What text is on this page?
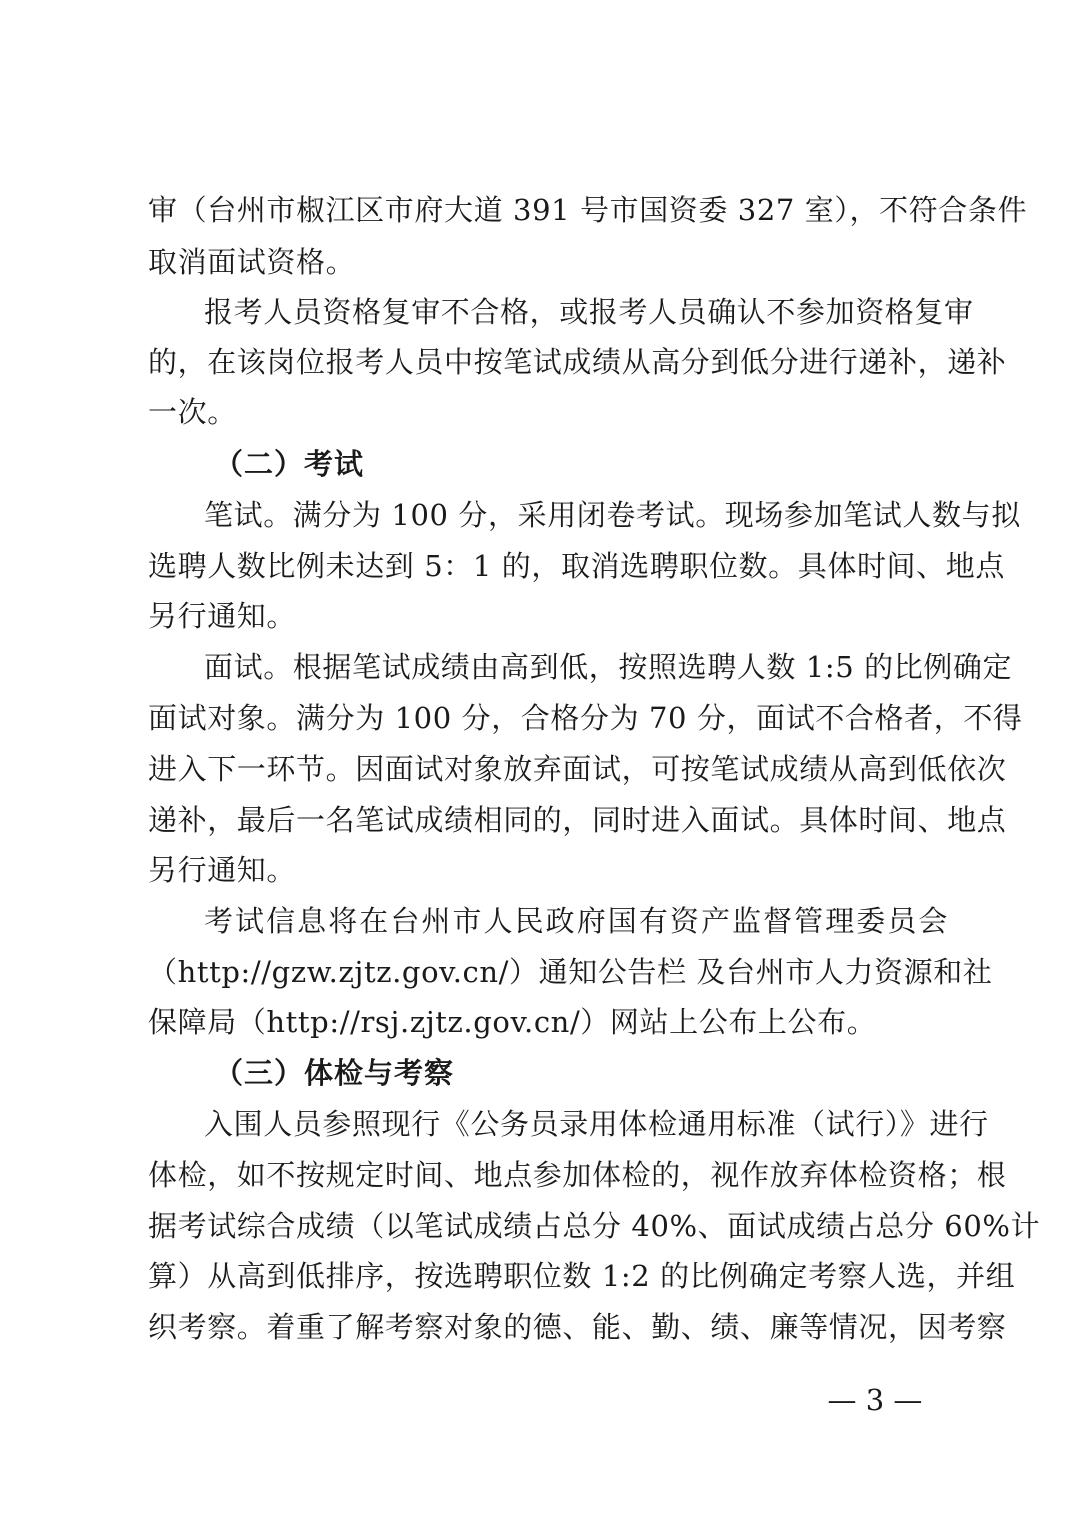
审（台州市椒江区市府大道 391 号市国资委 327 室），不符合条件
取消面试资格。
报考人员资格复审不合格，或报考人员确认不参加资格复审
的，在该岗位报考人员中按笔试成绩从高分到低分进行递补，递补
一次。
（二）考试
笔试。满分为 100 分，采用闭卷考试。现场参加笔试人数与拟
选聘人数比例未达到 5：1 的，取消选聘职位数。具体时间、地点
另行通知。
面试。根据笔试成绩由高到低，按照选聘人数 1:5 的比例确定
面试对象。满分为 100 分，合格分为 70 分，面试不合格者，不得
进入下一环节。因面试对象放弃面试，可按笔试成绩从高到低依次
递补，最后一名笔试成绩相同的，同时进入面试。具体时间、地点
另行通知。
考试信息将在台州市人民政府国有资产监督管理委员会
（http://gzw.zjtz.gov.cn/）通知公告栏 及台州市人力资源和社
保障局（http://rsj.zjtz.gov.cn/）网站上公布上公布。
（三）体检与考察
入围人员参照现行《公务员录用体检通用标准（试行）》进行
体检，如不按规定时间、地点参加体检的，视作放弃体检资格；根
据考试综合成绩（以笔试成绩占总分 40%、面试成绩占总分 60%计
算）从高到低排序，按选聘职位数 1:2 的比例确定考察人选，并组
织考察。着重了解考察对象的德、能、勤、绩、廉等情况，因考察
— 3 —
